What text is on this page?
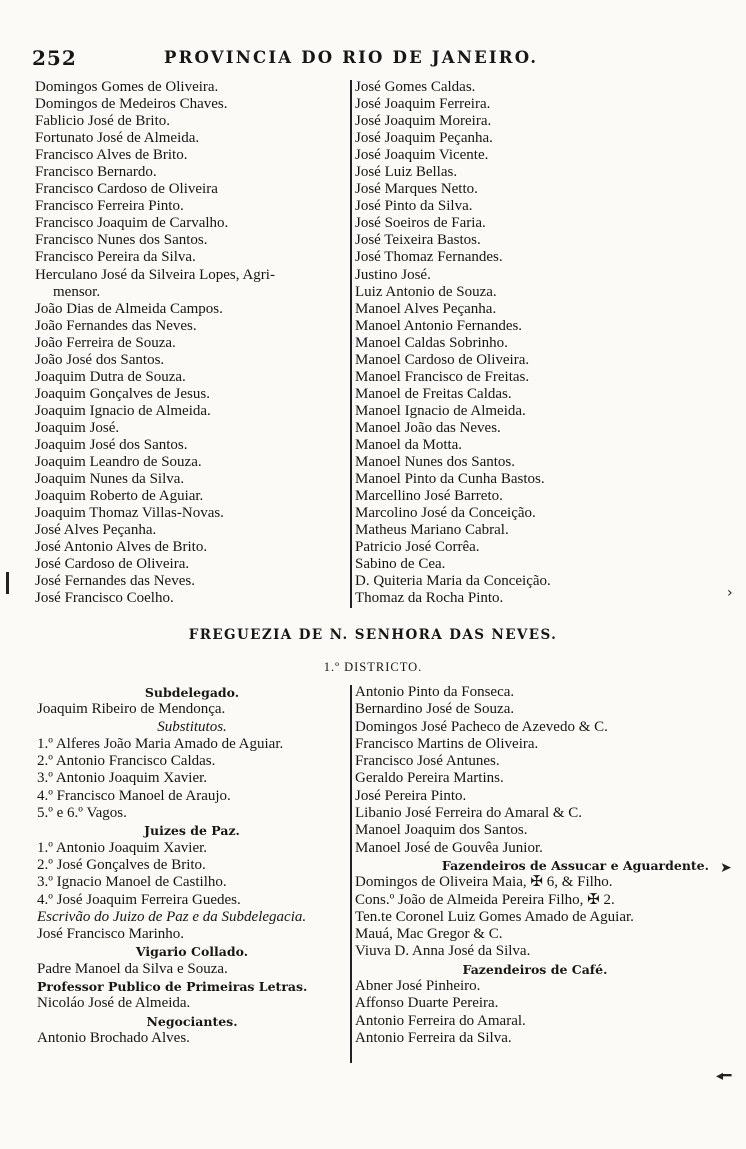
252	PROVINCIA DO RIO DE JANEIRO.
Domingos Gomes de Oliveira.
Domingos de Medeiros Chaves.
Fablicio José de Brito.
Fortunato José de Almeida.
Francisco Alves de Brito.
Francisco Bernardo.
Francisco Cardoso de Oliveira
Francisco Ferreira Pinto.
Francisco Joaquim de Carvalho.
Francisco Nunes dos Santos.
Francisco Pereira da Silva.
Herculano José da Silveira Lopes, Agri-
mensor.
João Dias de Almeida Campos.
João Fernandes das Neves.
João Ferreira de Souza.
João José dos Santos.
Joaquim Dutra de Souza.
Joaquim Gonçalves de Jesus.
Joaquim Ignacio de Almeida.
Joaquim José.
Joaquim José dos Santos.
Joaquim Leandro de Souza.
Joaquim Nunes da Silva.
Joaquim Roberto de Aguiar.
Joaquim Thomaz Villas-Novas.
José Alves Peçanha.
José Antonio Alves de Brito.
José Cardoso de Oliveira.
José Fernandes das Neves.
José Francisco Coelho.
José Gomes Caldas.
José Joaquim Ferreira.
José Joaquim Moreira.
José Joaquim Peçanha.
José Joaquim Vicente.
José Luiz Bellas.
José Marques Netto.
José Pinto da Silva.
José Soeiros de Faria.
José Teixeira Bastos.
José Thomaz Fernandes.
Justino José.
Luiz Antonio de Souza.
Manoel Alves Peçanha.
Manoel Antonio Fernandes.
Manoel Caldas Sobrinho.
Manoel Cardoso de Oliveira.
Manoel Francisco de Freitas.
Manoel de Freitas Caldas.
Manoel Ignacio de Almeida.
Manoel João das Neves.
Manoel da Motta.
Manoel Nunes dos Santos.
Manoel Pinto da Cunha Bastos.
Marcellino José Barreto.
Marcolino José da Conceição.
Matheus Mariano Cabral.
Patricio José Corrêa.
Sabino de Cea.
D. Quiteria Maria da Conceição.
Thomaz da Rocha Pinto.
FREGUEZIA DE N. SENHORA DAS NEVES.
1.º DISTRICTO.
Subdelegado.
Joaquim Ribeiro de Mendonça.
Substitutos.
1.º Alferes João Maria Amado de Aguiar.
2.º Antonio Francisco Caldas.
3.º Antonio Joaquim Xavier.
4.º Francisco Manoel de Araujo.
5.º e 6.º Vagos.
Juizes de Paz.
1.º Antonio Joaquim Xavier.
2.º José Gonçalves de Brito.
3.º Ignacio Manoel de Castilho.
4.º José Joaquim Ferreira Guedes.
Escrivão do Juizo de Paz e da Subdelegacia.
José Francisco Marinho.
Vigario Collado.
Padre Manoel da Silva e Souza.
Professor Publico de Primeiras Letras.
Nicoláo José de Almeida.
Negociantes.
Antonio Brochado Alves.
Antonio Pinto da Fonseca.
Bernardino José de Souza.
Domingos José Pacheco de Azevedo & C.
Francisco Martins de Oliveira.
Francisco José Antunes.
Geraldo Pereira Martins.
José Pereira Pinto.
Libanio José Ferreira do Amaral & C.
Manoel Joaquim dos Santos.
Manoel José de Gouvêa Junior.
Fazendeiros de Assucar e Aguardente.
Domingos de Oliveira Maia, ✠ 6, & Filho.
Cons.º João de Almeida Pereira Filho, ✠ 2.
Ten.te Coronel Luiz Gomes Amado de Aguiar.
Mauá, Mac Gregor & C.
Viuva D. Anna José da Silva.
Fazendeiros de Café.
Abner José Pinheiro.
Affonso Duarte Pereira.
Antonio Ferreira do Amaral.
Antonio Ferreira da Silva.
›
➤
◂━
